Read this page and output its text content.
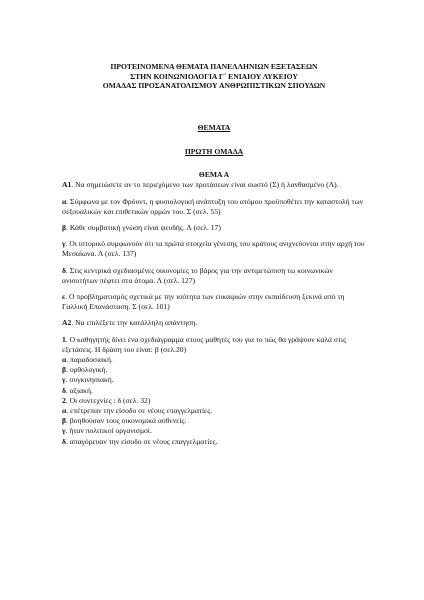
ΠΡΟΤΕΙΝΟΜΕΝΑ ΘΕΜΑΤΑ ΠΑΝΕΛΛΗΝΙΩΝ ΕΞΕΤΑΣΕΩΝ

ΣΤΗΝ ΚΟΙΝΩΝΙΟΛΟΓΙΑ Γ΄ ΕΝΙΑΙΟΥ ΛΥΚΕΙΟΥ

ΟΜΑΔΑΣ ΠΡΟΣΑΝΑΤΟΛΙΣΜΟΥ ΑΝΘΡΩΠΙΣΤΙΚΩΝ ΣΠΟΥΔΩΝ

ΘΕΜΑΤΑ

ΠΡΩΤΗ ΟΜΑΔΑ

ΘΕΜΑ Α

Α1. Να σημειώσετε αν το περιεχόμενο των προτάσεων είναι σωστό (Σ) ή λανθασμένο (Λ).

α. Σύμφωνα με τον Φρόυντ, η φυσιολογική ανάπτυξη του ατόμου προϋποθέτει την καταστολή των σεξουαλικών και επιθετικών ορμών του. Σ (σελ. 55)

β. Κάθε συμβατική γνώση είναι ψευδής. Λ (σελ. 17)

γ. Οι ιστορικό συμφωνούν ότι τα πρώτα στοιχεία γένεσης του κράτους ανιχνεύονται στην αρχή του Μεσαίωνα. Λ (σελ. 137)

δ. Στις κεντρικά σχεδιασμένες οικονομίες το βάρος για την αντιμετώπιση τω κοινωνικών ανισοτήτων πέφτει στα άτομα. Λ (σελ. 127)

ε. Ο προβληματισμός σχετικά με την ισότητα των ευκαιριών στην εκπαίδευση ξεκινά από τη Γαλλική Επανάσταση. Σ (σελ. 101)

Α2. Να επιλέξετε την κατάλληλη απάντηση.

1. Ο καθηγητής δίνει ένα σχεδιάγραμμα στους μαθητές του για το πώς θα γράψουν καλά στις εξετάσεις. Η δράση του είναι: β (σελ.20)

α. παραδοσιακή.

β. ορθολογική.

γ. συγκινησιακή.

δ. αξιακή.

2. Οι συντεχνίες : δ (σελ. 32)

α. επέτρεπαν την είσοδο σε νέους επαγγελματίες.

β. βοηθούσαν τους οικονομικά ασθενείς.

γ. ήταν πολιτικοί οργανισμοί.

δ. απαγόρευαν την είσοδο σε νέους επαγγελματίες.
